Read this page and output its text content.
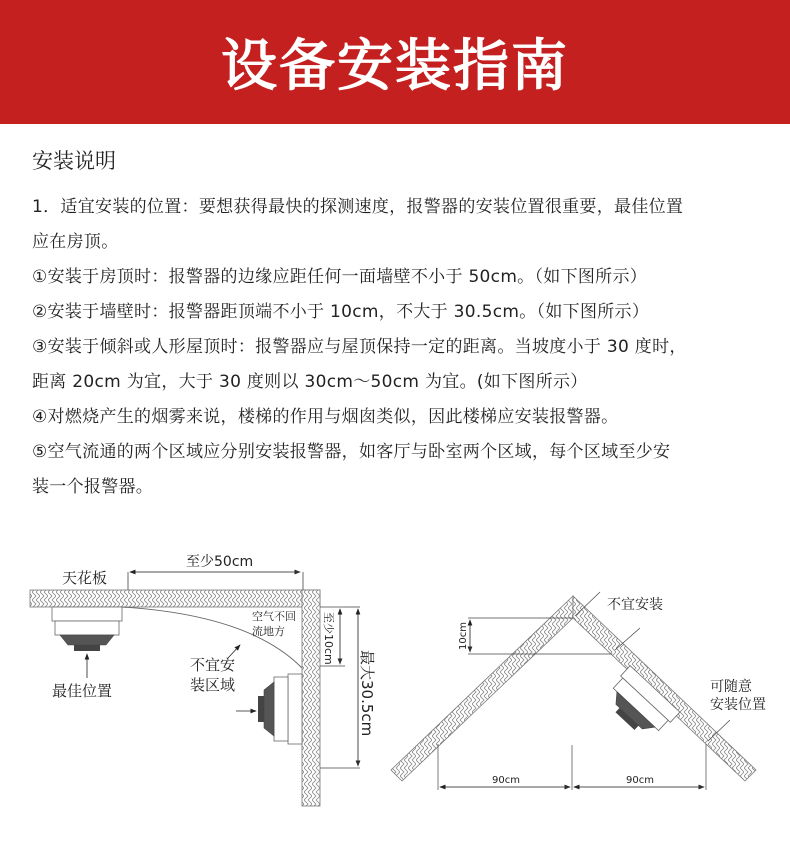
设备安装指南
安装说明
1．适宜安装的位置：要想获得最快的探测速度，报警器的安装位置很重要，最佳位置
应在房顶。
①安装于房顶时：报警器的边缘应距任何一面墙壁不小于 50cm。（如下图所示）
②安装于墙壁时：报警器距顶端不小于 10cm，不大于 30.5cm。（如下图所示）
③安装于倾斜或人形屋顶时：报警器应与屋顶保持一定的距离。当坡度小于 30 度时，
距离 20cm 为宜，大于 30 度则以 30cm～50cm 为宜。(如下图所示）
④对燃烧产生的烟雾来说，楼梯的作用与烟囱类似，因此楼梯应安装报警器。
⑤空气流通的两个区域应分别安装报警器，如客厅与卧室两个区域，每个区域至少安
装一个报警器。
天花板
至少50cm
最佳位置
空气不回
流地方
不宜安
装区域
至少10cm
最大30.5cm
10cm
不宜安装
可随意
安装位置
90cm	90cm
